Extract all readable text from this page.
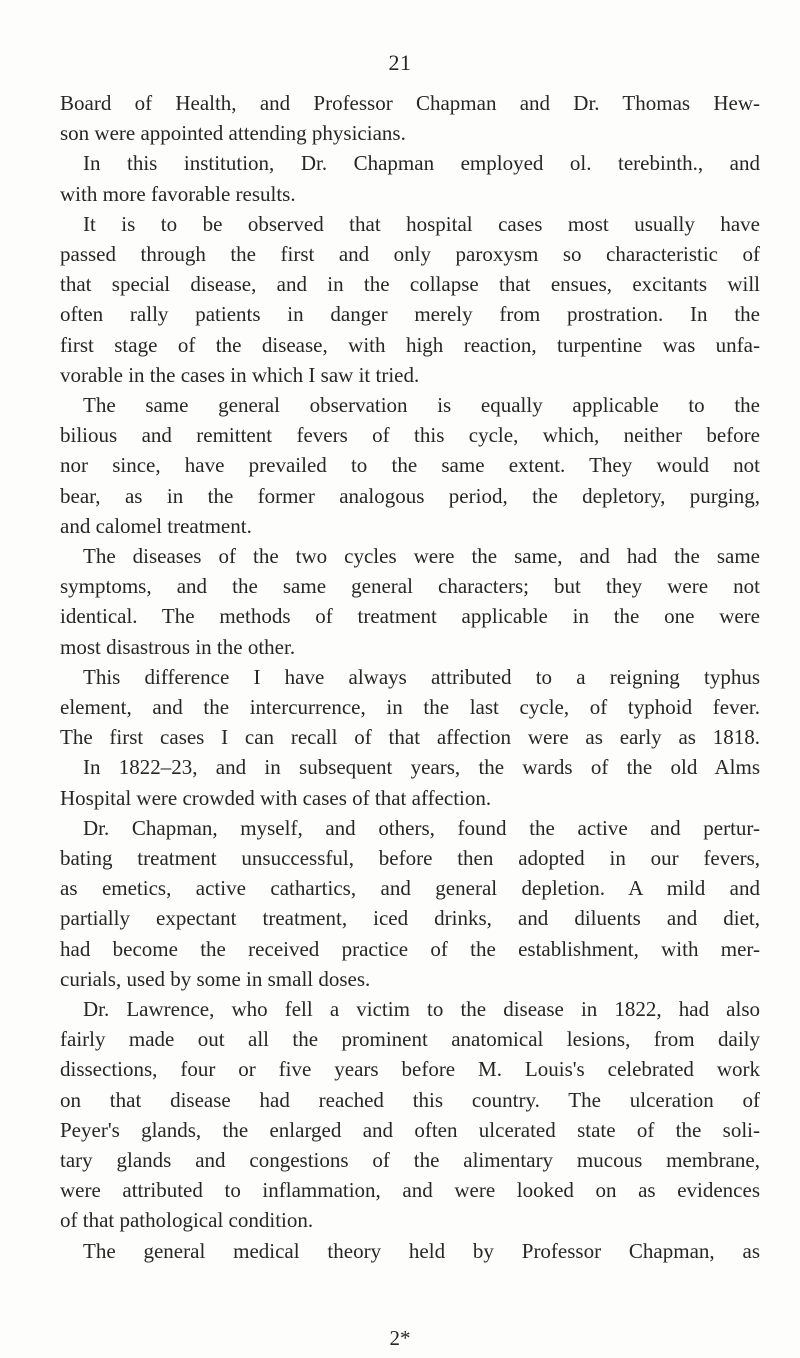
21
Board of Health, and Professor Chapman and Dr. Thomas Hew-
son were appointed attending physicians.
In this institution, Dr. Chapman employed ol. terebinth., and
with more favorable results.
It is to be observed that hospital cases most usually have
passed through the first and only paroxysm so characteristic of
that special disease, and in the collapse that ensues, excitants will
often rally patients in danger merely from prostration. In the
first stage of the disease, with high reaction, turpentine was unfa-
vorable in the cases in which I saw it tried.
The same general observation is equally applicable to the
bilious and remittent fevers of this cycle, which, neither before
nor since, have prevailed to the same extent. They would not
bear, as in the former analogous period, the depletory, purging,
and calomel treatment.
The diseases of the two cycles were the same, and had the same
symptoms, and the same general characters; but they were not
identical. The methods of treatment applicable in the one were
most disastrous in the other.
This difference I have always attributed to a reigning typhus
element, and the intercurrence, in the last cycle, of typhoid fever.
The first cases I can recall of that affection were as early as 1818.
In 1822–23, and in subsequent years, the wards of the old Alms
Hospital were crowded with cases of that affection.
Dr. Chapman, myself, and others, found the active and pertur-
bating treatment unsuccessful, before then adopted in our fevers,
as emetics, active cathartics, and general depletion. A mild and
partially expectant treatment, iced drinks, and diluents and diet,
had become the received practice of the establishment, with mer-
curials, used by some in small doses.
Dr. Lawrence, who fell a victim to the disease in 1822, had also
fairly made out all the prominent anatomical lesions, from daily
dissections, four or five years before M. Louis's celebrated work
on that disease had reached this country. The ulceration of
Peyer's glands, the enlarged and often ulcerated state of the soli-
tary glands and congestions of the alimentary mucous membrane,
were attributed to inflammation, and were looked on as evidences
of that pathological condition.
The general medical theory held by Professor Chapman, as
2*
